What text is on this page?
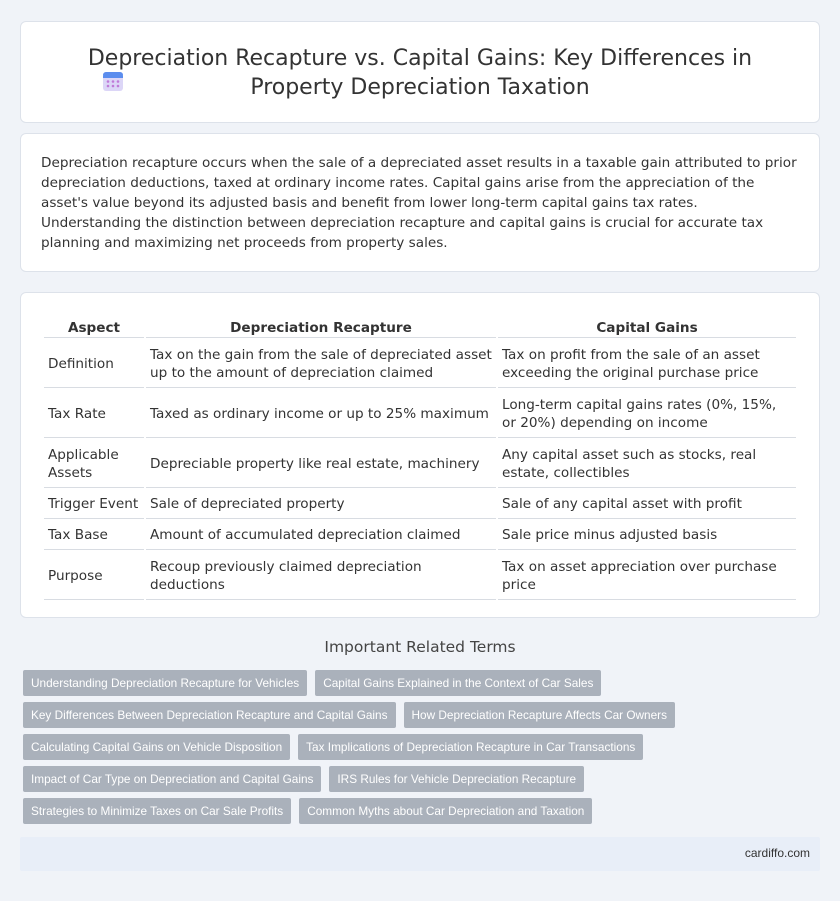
Depreciation Recapture vs. Capital Gains: Key Differences in
Property Depreciation Taxation

Depreciation recapture occurs when the sale of a depreciated asset results in a taxable gain attributed to prior depreciation deductions, taxed at ordinary income rates. Capital gains arise from the appreciation of the asset's value beyond its adjusted basis and benefit from lower long-term capital gains tax rates. Understanding the distinction between depreciation recapture and capital gains is crucial for accurate tax planning and maximizing net proceeds from property sales.

Aspect	Depreciation Recapture	Capital Gains
Definition	Tax on the gain from the sale of depreciated asset up to the amount of depreciation claimed	Tax on profit from the sale of an asset exceeding the original purchase price
Tax Rate	Taxed as ordinary income or up to 25% maximum	Long-term capital gains rates (0%, 15%, or 20%) depending on income
Applicable Assets	Depreciable property like real estate, machinery	Any capital asset such as stocks, real estate, collectibles
Trigger Event	Sale of depreciated property	Sale of any capital asset with profit
Tax Base	Amount of accumulated depreciation claimed	Sale price minus adjusted basis
Purpose	Recoup previously claimed depreciation deductions	Tax on asset appreciation over purchase price
Important Related Terms
Understanding Depreciation Recapture for Vehicles Capital Gains Explained in the Context of Car Sales
Key Differences Between Depreciation Recapture and Capital Gains How Depreciation Recapture Affects Car Owners
Calculating Capital Gains on Vehicle Disposition Tax Implications of Depreciation Recapture in Car Transactions
Impact of Car Type on Depreciation and Capital Gains IRS Rules for Vehicle Depreciation Recapture
Strategies to Minimize Taxes on Car Sale Profits Common Myths about Car Depreciation and Taxation
cardiffo.com
